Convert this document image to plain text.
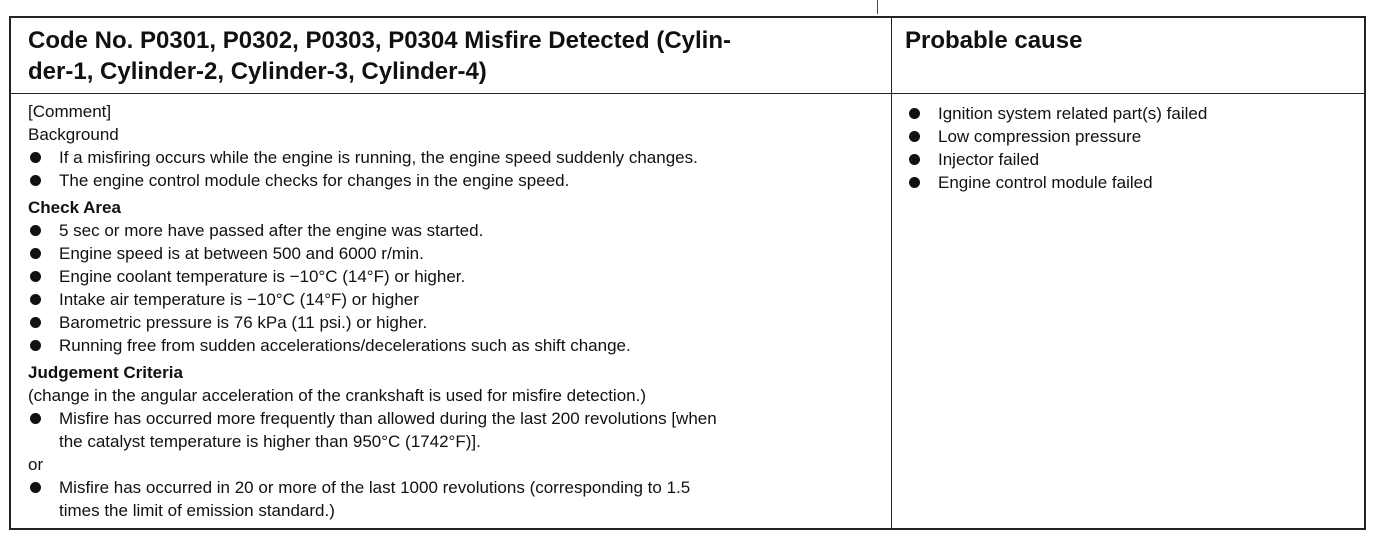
Code No. P0301, P0302, P0303, P0304 Misfire Detected (Cylin-
der-1, Cylinder-2, Cylinder-3, Cylinder-4)
Probable cause
[Comment]
Background
If a misfiring occurs while the engine is running, the engine speed suddenly changes.
The engine control module checks for changes in the engine speed.
Check Area
5 sec or more have passed after the engine was started.
Engine speed is at between 500 and 6000 r/min.
Engine coolant temperature is −10°C (14°F) or higher.
Intake air temperature is −10°C (14°F) or higher
Barometric pressure is 76 kPa (11 psi.) or higher.
Running free from sudden accelerations/decelerations such as shift change.
Judgement Criteria
(change in the angular acceleration of the crankshaft is used for misfire detection.)
Misfire has occurred more frequently than allowed during the last 200 revolutions [when
the catalyst temperature is higher than 950°C (1742°F)].
or
Misfire has occurred in 20 or more of the last 1000 revolutions (corresponding to 1.5
times the limit of emission standard.)
Ignition system related part(s) failed
Low compression pressure
Injector failed
Engine control module failed
